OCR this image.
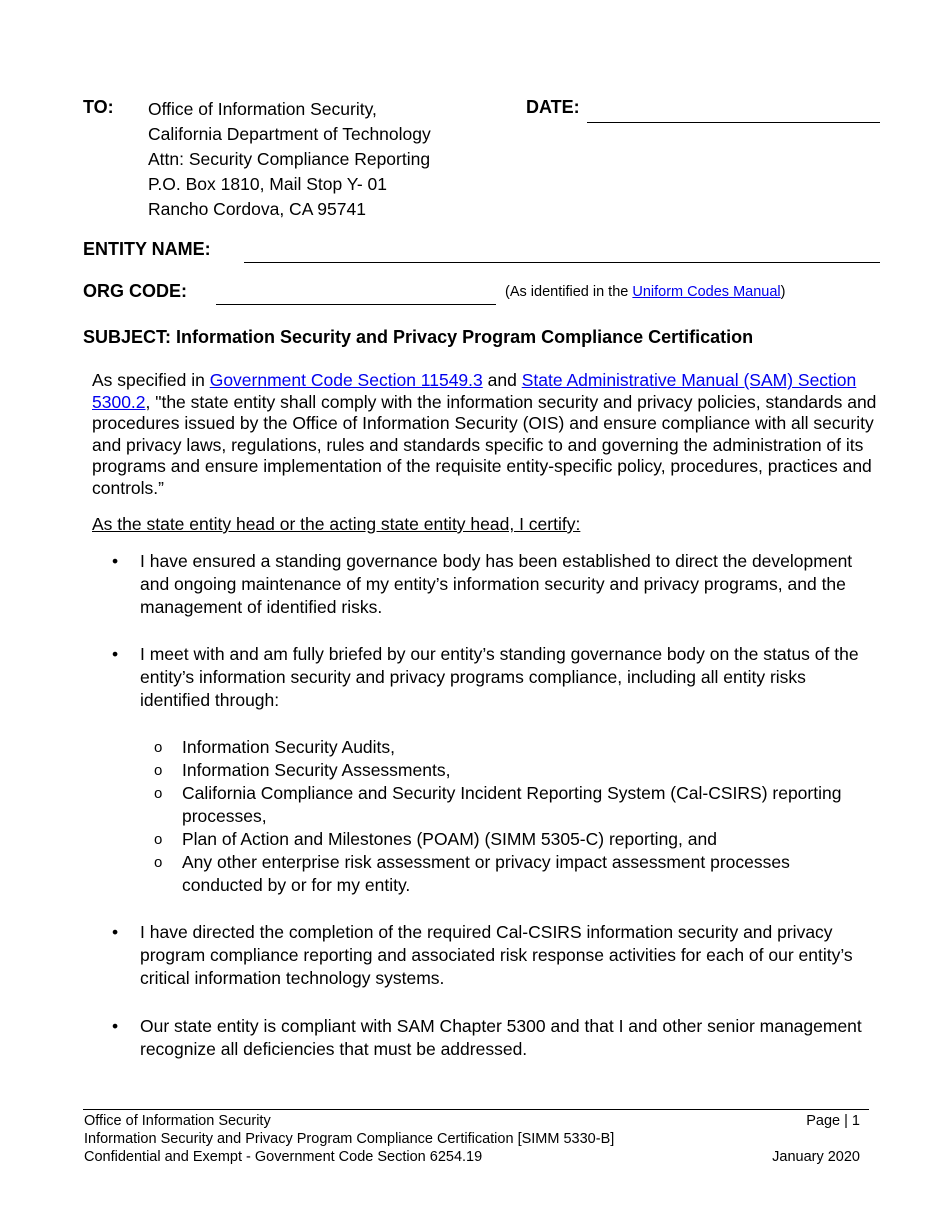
TO: Office of Information Security,
California Department of Technology
Attn: Security Compliance Reporting
P.O. Box 1810, Mail Stop Y- 01
Rancho Cordova, CA 95741
DATE:
ENTITY NAME:
ORG CODE:	(As identified in the Uniform Codes Manual)
SUBJECT: Information Security and Privacy Program Compliance Certification
As specified in Government Code Section 11549.3 and State Administrative Manual (SAM) Section 5300.2, "the state entity shall comply with the information security and privacy policies, standards and procedures issued by the Office of Information Security (OIS) and ensure compliance with all security and privacy laws, regulations, rules and standards specific to and governing the administration of its programs and ensure implementation of the requisite entity-specific policy, procedures, practices and controls.”
As the state entity head or the acting state entity head, I certify:
• I have ensured a standing governance body has been established to direct the development and ongoing maintenance of my entity’s information security and privacy programs, and the management of identified risks.
• I meet with and am fully briefed by our entity’s standing governance body on the status of the entity’s information security and privacy programs compliance, including all entity risks identified through:
o Information Security Audits,
o Information Security Assessments,
o California Compliance and Security Incident Reporting System (Cal-CSIRS) reporting processes,
o Plan of Action and Milestones (POAM) (SIMM 5305-C) reporting, and
o Any other enterprise risk assessment or privacy impact assessment processes conducted by or for my entity.
• I have directed the completion of the required Cal-CSIRS information security and privacy program compliance reporting and associated risk response activities for each of our entity’s critical information technology systems.
• Our state entity is compliant with SAM Chapter 5300 and that I and other senior management recognize all deficiencies that must be addressed.
Office of Information Security	Page | 1
Information Security and Privacy Program Compliance Certification [SIMM 5330-B]
Confidential and Exempt - Government Code Section 6254.19	January 2020
